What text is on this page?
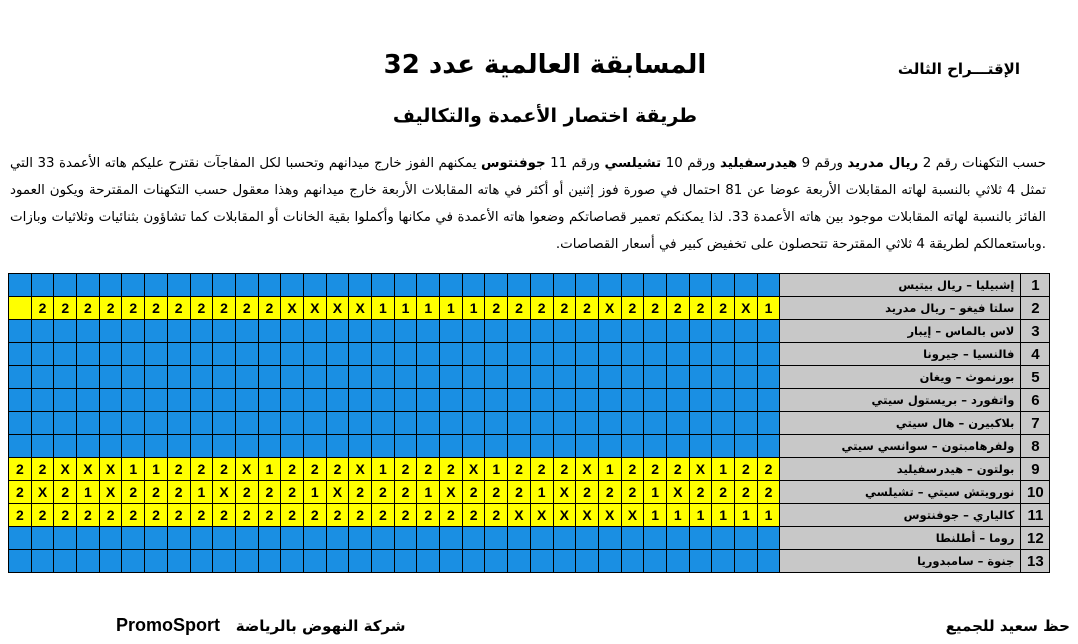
المسابقة العالمية عدد 32	الإقتـــراح الثالث
طريقة اختصار الأعمدة والتكاليف
حسب التكهنات رقم 2 ريال مدريد ورقم 9 هيدرسفيليد ورقم 10 تشيلسي ورقم 11 جوفنتوس يمكنهم الفوز خارج ميدانهم وتحسبا لكل المفاجآت نقترح عليكم هاته الأعمدة 33 التي تمثل 4 ثلاثي بالنسبة لهاته المقابلات الأربعة عوضا عن 81 احتمال في صورة فوز إثنين أو أكثر في هاته المقابلات الأربعة خارج ميدانهم وهذا معقول حسب التكهنات المقترحة ويكون العمود الفائز بالنسبة لهاته المقابلات موجود بين هاته الأعمدة 33. لذا يمكنكم تعمير قصاصاتكم وضعوا هاته الأعمدة في مكانها وأكملوا بقية الخانات أو المقابلات كما تشاؤون بثنائيات وثلاثيات وبازات .وباستعمالكم لطريقة 4 ثلاثي المقترحة تتحصلون على تخفيض كبير في أسعار القصاصات.
																																		إشبيليا – ريال بيتيس	1
	2	2	2	2	2	2	2	2	2	2	2	X	X	X	X	1	1	1	1	1	2	2	2	2	2	X	2	2	2	2	2	X	1	سلتا فيغو – ريال مدريد	2
																																		لاس بالماس – إيبار	3
																																		فالنسيا – جيرونا	4
																																		بورنموث – ويغان	5
																																		واتفورد – بريستول سيتي	6
																																		بلاكبيرن – هال سيتي	7
																																		ولفرهامبتون – سوانسي سيتي	8
2	2	X	X	X	1	1	2	2	2	X	1	2	2	2	X	1	2	2	2	X	1	2	2	2	X	1	2	2	2	X	1	2	2	بولتون – هيدرسفيليد	9
2	X	2	1	X	2	2	2	1	X	2	2	2	1	X	2	2	2	1	X	2	2	2	1	X	2	2	2	1	X	2	2	2	2	نورويتش سيتي – تشيلسي	10
2	2	2	2	2	2	2	2	2	2	2	2	2	2	2	2	2	2	2	2	2	2	X	X	X	X	X	X	1	1	1	1	1	1	كالياري – جوفنتوس	11
																																		روما – أطلنطا	12
																																		جنوة – سامبدوريا	13
شركة النهوض بالرياضة   PromoSport	حظ سعيد للجميع
